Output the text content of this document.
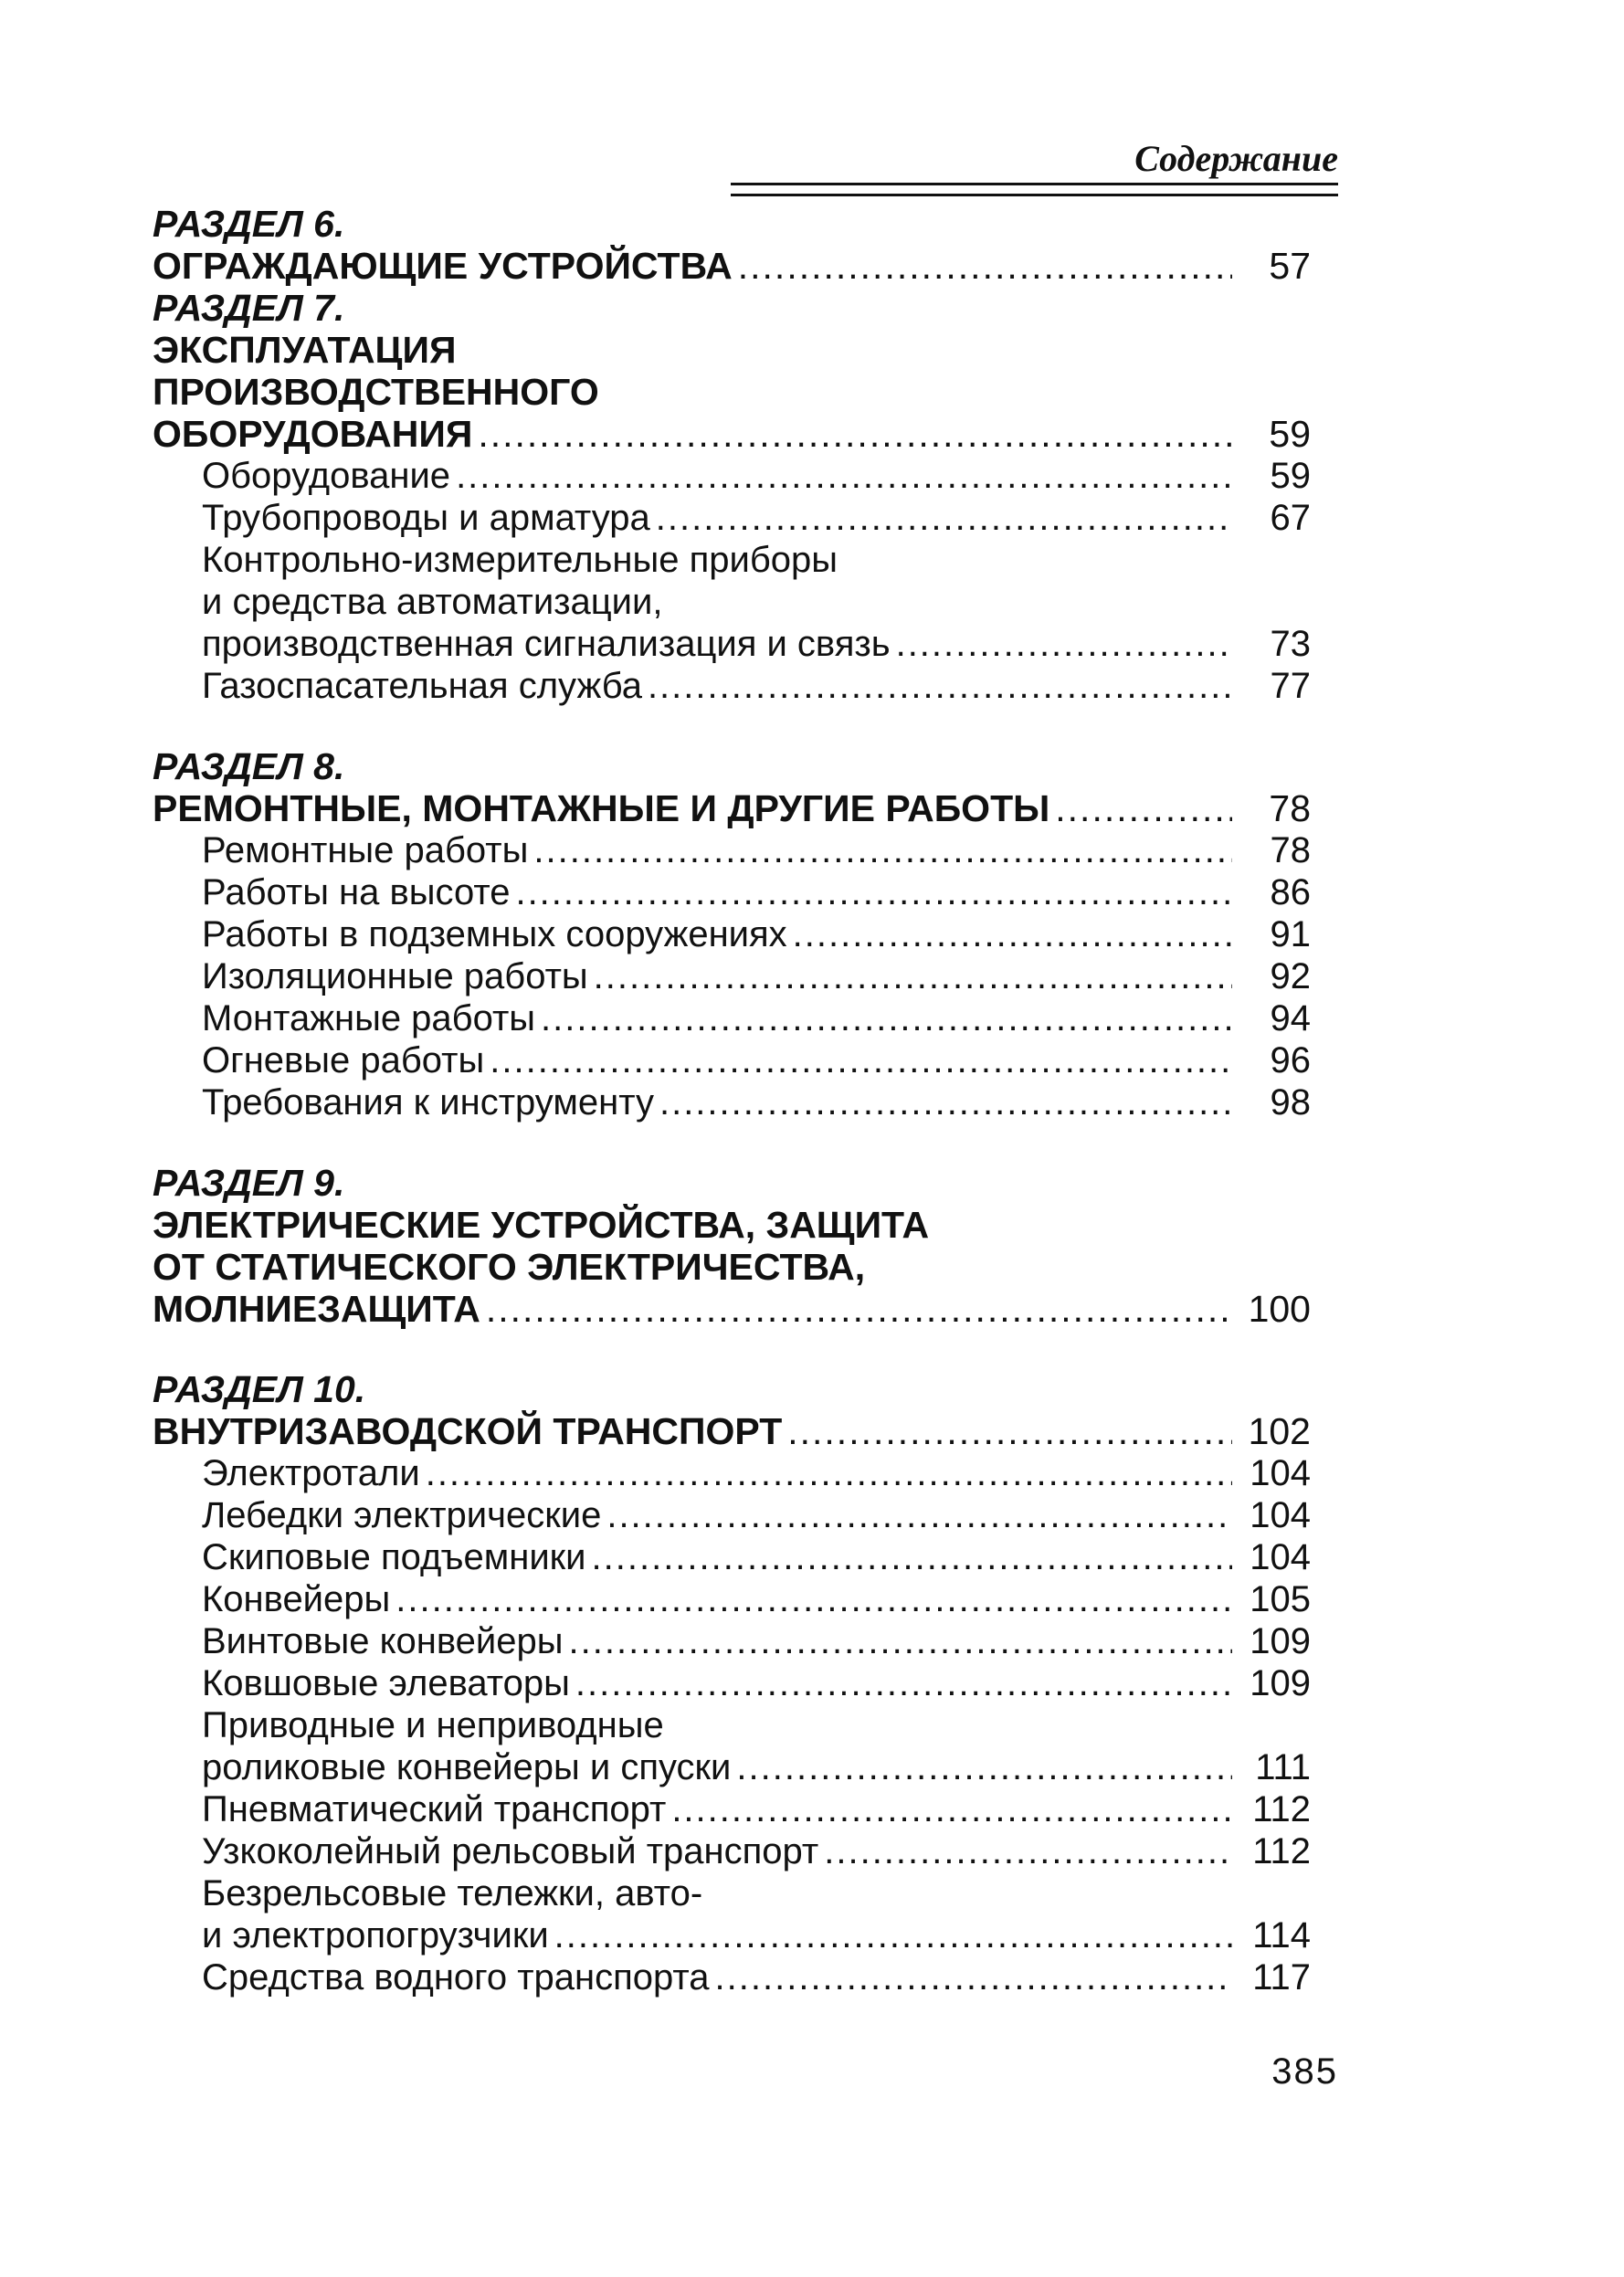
Содержание
РАЗДЕЛ 6.
ОГРАЖДАЮЩИЕ УСТРОЙСТВА .....	57
РАЗДЕЛ 7.
ЭКСПЛУАТАЦИЯ
ПРОИЗВОДСТВЕННОГО
ОБОРУДОВАНИЯ .....	59
Оборудование .....	59
Трубопроводы и арматура .....	67
Контрольно-измерительные приборы
и средства автоматизации,
производственная сигнализация и связь .....	73
Газоспасательная служба .....	77
РАЗДЕЛ 8.
РЕМОНТНЫЕ, МОНТАЖНЫЕ И ДРУГИЕ РАБОТЫ .....	78
Ремонтные работы .....	78
Работы на высоте .....	86
Работы в подземных сооружениях .....	91
Изоляционные работы .....	92
Монтажные работы .....	94
Огневые работы .....	96
Требования к инструменту .....	98
РАЗДЕЛ 9.
ЭЛЕКТРИЧЕСКИЕ УСТРОЙСТВА, ЗАЩИТА
ОТ СТАТИЧЕСКОГО ЭЛЕКТРИЧЕСТВА,
МОЛНИЕЗАЩИТА .....	100
РАЗДЕЛ 10.
ВНУТРИЗАВОДСКОЙ ТРАНСПОРТ .....	102
Электротали .....	104
Лебедки электрические .....	104
Скиповые подъемники .....	104
Конвейеры .....	105
Винтовые конвейеры .....	109
Ковшовые элеваторы .....	109
Приводные и неприводные
роликовые конвейеры и спуски .....	111
Пневматический транспорт .....	112
Узкоколейный рельсовый транспорт .....	112
Безрельсовые тележки, авто-
и электропогрузчики .....	114
Средства водного транспорта .....	117
385
